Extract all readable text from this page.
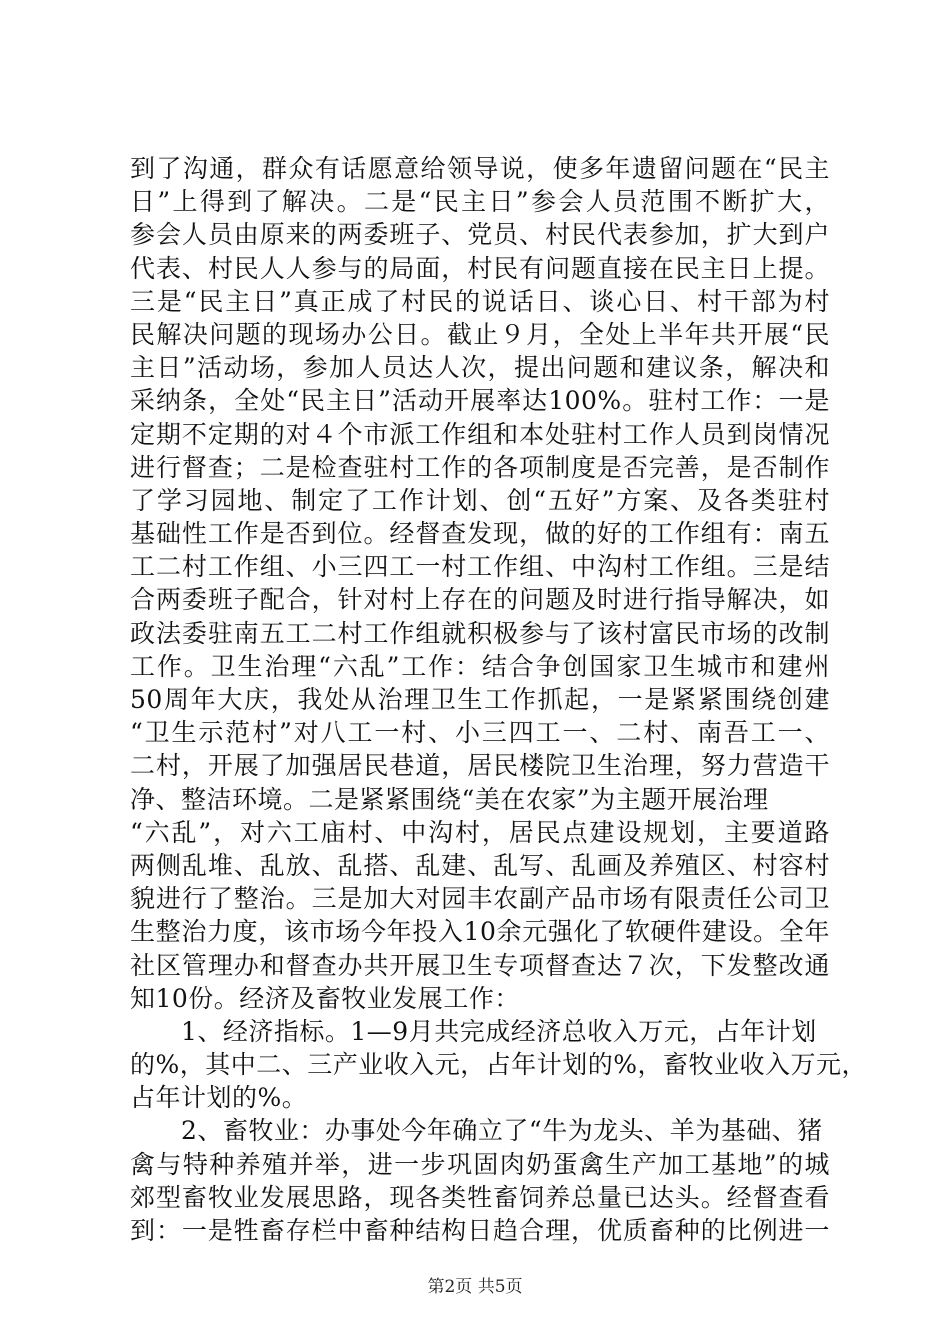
到了沟通，群众有话愿意给领导说，使多年遗留问题在“民主
日”上得到了解决。二是“民主日”参会人员范围不断扩大，
参会人员由原来的两委班子、党员、村民代表参加，扩大到户
代表、村民人人参与的局面，村民有问题直接在民主日上提。
三是“民主日”真正成了村民的说话日、谈心日、村干部为村
民解决问题的现场办公日。截止９月，全处上半年共开展“民
主日”活动场，参加人员达人次，提出问题和建议条，解决和
采纳条，全处“民主日”活动开展率达100%。驻村工作：一是
定期不定期的对４个市派工作组和本处驻村工作人员到岗情况
进行督查；二是检查驻村工作的各项制度是否完善，是否制作
了学习园地、制定了工作计划、创“五好”方案、及各类驻村
基础性工作是否到位。经督查发现，做的好的工作组有：南五
工二村工作组、小三四工一村工作组、中沟村工作组。三是结
合两委班子配合，针对村上存在的问题及时进行指导解决，如
政法委驻南五工二村工作组就积极参与了该村富民市场的改制
工作。卫生治理“六乱”工作：结合争创国家卫生城市和建州
50周年大庆，我处从治理卫生工作抓起，一是紧紧围绕创建
“卫生示范村”对八工一村、小三四工一、二村、南吾工一、
二村，开展了加强居民巷道，居民楼院卫生治理，努力营造干
净、整洁环境。二是紧紧围绕“美在农家”为主题开展治理
“六乱”，对六工庙村、中沟村，居民点建设规划，主要道路
两侧乱堆、乱放、乱搭、乱建、乱写、乱画及养殖区、村容村
貌进行了整治。三是加大对园丰农副产品市场有限责任公司卫
生整治力度，该市场今年投入10余元强化了软硬件建设。全年
社区管理办和督查办共开展卫生专项督查达７次，下发整改通
知10份。经济及畜牧业发展工作：
　　1、经济指标。1—9月共完成经济总收入万元，占年计划
的%，其中二、三产业收入元，占年计划的%，畜牧业收入万元，
占年计划的%。
　　2、畜牧业：办事处今年确立了“牛为龙头、羊为基础、猪
禽与特种养殖并举，进一步巩固肉奶蛋禽生产加工基地”的城
郊型畜牧业发展思路，现各类牲畜饲养总量已达头。经督查看
到：一是牲畜存栏中畜种结构日趋合理，优质畜种的比例进一
第2页 共5页
